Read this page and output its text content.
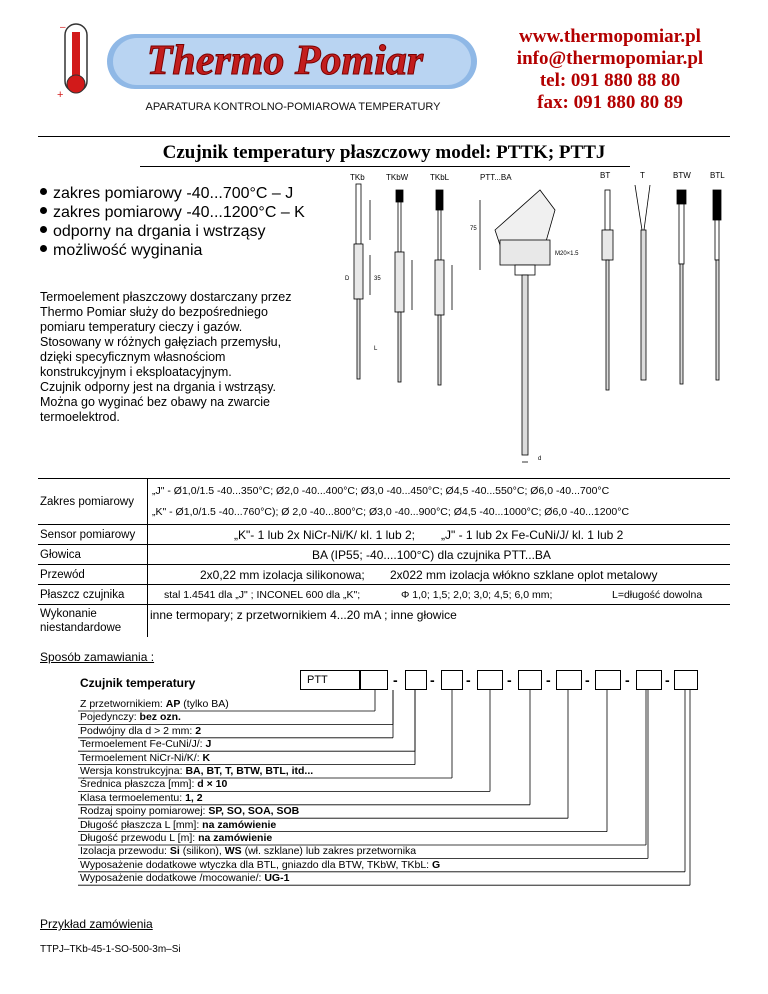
–
+
Thermo Pomiar
APARATURA KONTROLNO-POMIAROWA TEMPERATURY
www.thermopomiar.pl
info@thermopomiar.pl
tel: 091 880 88 80
fax: 091 880 80 89
Czujnik temperatury płaszczowy model: PTTK; PTTJ
zakres pomiarowy -40...700°C – J
zakres pomiarowy -40...1200°C – K
odporny na drgania i wstrząsy
możliwość wyginania
Termoelement płaszczowy dostarczany przez
Thermo Pomiar służy do bezpośredniego
pomiaru temperatury cieczy i gazów.
Stosowany w różnych gałęziach przemysłu,
dzięki specyficznym własnościom
konstrukcyjnym i eksploatacyjnym.
Czujnik odporny jest na drgania i wstrząsy.
Można go wyginać bez obawy na zwarcie
termoelektrod.
TKb	TKbW	TKbL	PTT...BA	BT	T	BTW BTL
M20×1.5
75
D	35
L
d
Zakres pomiarowy
„J" - Ø1,0/1.5 -40...350°C; Ø2,0 -40...400°C; Ø3,0 -40...450°C; Ø4,5 -40...550°C; Ø6,0 -40...700°C
„K" - Ø1,0/1.5 -40...760°C); Ø 2,0 -40...800°C; Ø3,0 -40...900°C; Ø4,5 -40...1000°C; Ø6,0 -40...1200°C
Sensor pomiarowy	„K"- 1 lub 2x NiCr-Ni/K/ kl. 1 lub 2;	„J" - 1 lub 2x Fe-CuNi/J/ kl. 1 lub 2
Głowica	BA (IP55; -40....100°C) dla czujnika PTT...BA
Przewód	2x0,22 mm izolacja silikonowa;	2x022 mm izolacja włókno szklane oplot metalowy
Płaszcz czujnika	stal 1.4541 dla „J" ; INCONEL 600 dla „K";	Φ 1,0; 1,5; 2,0; 3,0; 4,5; 6,0 mm;	L=długość dowolna
Wykonanie
niestandardowe
inne termopary; z przetwornikiem 4...20 mA ; inne głowice
Sposób zamawiania :
Czujnik temperatury	PTT	- - -	- - -	-	-
Z przetwornikiem: AP (tylko BA)
Pojedynczy: bez ozn.
Podwójny dla d > 2 mm: 2
Termoelement Fe-CuNi/J/: J
Termoelement NiCr-Ni/K/: K
Wersja konstrukcyjna: BA, BT, T, BTW, BTL, itd...
Średnica płaszcza [mm]: d × 10
Klasa termoelementu: 1, 2
Rodzaj spoiny pomiarowej: SP, SO, SOA, SOB
Długość płaszcza L [mm]: na zamówienie
Długość przewodu L [m]: na zamówienie
Izolacja przewodu: Si (silikon), WS (wł. szklane) lub zakres przetwornika
Wyposażenie dodatkowe wtyczka dla BTL, gniazdo dla BTW, TKbW, TKbL: G
Wyposażenie dodatkowe /mocowanie/: UG-1
Przykład zamówienia
TTPJ–TKb-45-1-SO-500-3m–Si
